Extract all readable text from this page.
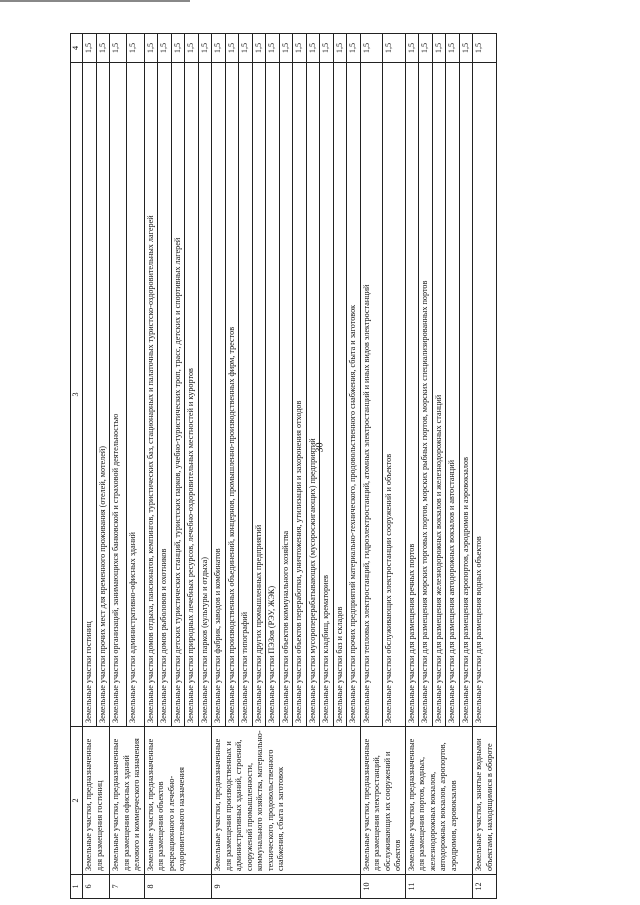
30
1	2	3	4
6	Земельные участки, предназначенные для размещения гостиниц	Земельные участки гостиниц	1,5
		Земельные участки прочих мест для временного проживания (отелей, мотелей)	1,5
7	Земельные участки, предназначенные для размещения офисных зданий делового и коммерческого назначения	Земельные участки организаций, занимающихся банковской и страховой деятельностью	1,5
		Земельные участки административно-офисных зданий	1,5
8	Земельные участки, предназначенные для размещения объектов рекреационного и лечебно-оздоровительного назначения	Земельные участки домов отдыха, пансионатов, кемпингов, туристических баз, стационарных и палаточных туристско-оздоровительных лагерей	1,5
		Земельные участки домов рыболовов и охотников	1,5
		Земельные участки детских туристических станций, туристских парков, учебно-туристических троп, трасс, детских и спортивных лагерей	1,5
		Земельные участки природных лечебных ресурсов, лечебно-оздоровительных местностей и курортов	1,5
		Земельные участки парков (культуры и отдыха)	1,5
9	Земельные участки, предназначенные для размещения производственных и административных зданий, строений, сооружений промышленности, коммунального хозяйства, материально-технического, продовольственного снабжения, сбыта и заготовок	Земельные участки фабрик, заводов и комбинатов	1,5
		Земельные участки производственных объединений, концернов, промышленно-производственных фирм, трестов	1,5
		Земельные участки типографий	1,5
		Земельные участки других промышленных предприятий	1,5
		Земельные участки ПЭЗов (РЭУ, ЖЭК)	1,5
		Земельные участки объектов коммунального хозяйства	1,5
		Земельные участки объектов переработки, уничтожения, утилизации и захоронения отходов	1,5
		Земельные участки мусороперерабатывающих (мусоросжигающих) предприятий	1,5
		Земельные участки кладбищ, крематориев	1,5
		Земельные участки баз и складов	1,5
		Земельные участки прочих предприятий материально-технического, продовольственного снабжения, сбыта и заготовок	1,5
10	Земельные участки, предназначенные для размещения электростанций, обслуживающих их сооружений и объектов	Земельные участки тепловых электростанций, гидроэлектростанций, атомных электростанций и иных видов электростанций	1,5
		Земельные участки обслуживающих электростанции сооружений и объектов	1,5
11	Земельные участки, предназначенные для размещения портов, водных, железнодорожных вокзалов, автодорожных вокзалов, аэропортов, аэродромов, аэровокзалов	Земельные участки для размещения речных портов	1,5
		Земельные участки для размещения морских торговых портов, морских рыбных портов, морских специализированных портов	1,5
		Земельные участки для размещения железнодорожных вокзалов и железнодорожных станций	1,5
		Земельные участки для размещения автодорожных вокзалов и автостанций	1,5
		Земельные участки для размещения аэропортов, аэродромов и аэровокзалов	1,5
12	Земельные участки, занятые водными объектами, находящимися в обороте	Земельные участки для размещения водных объектов	1,5
